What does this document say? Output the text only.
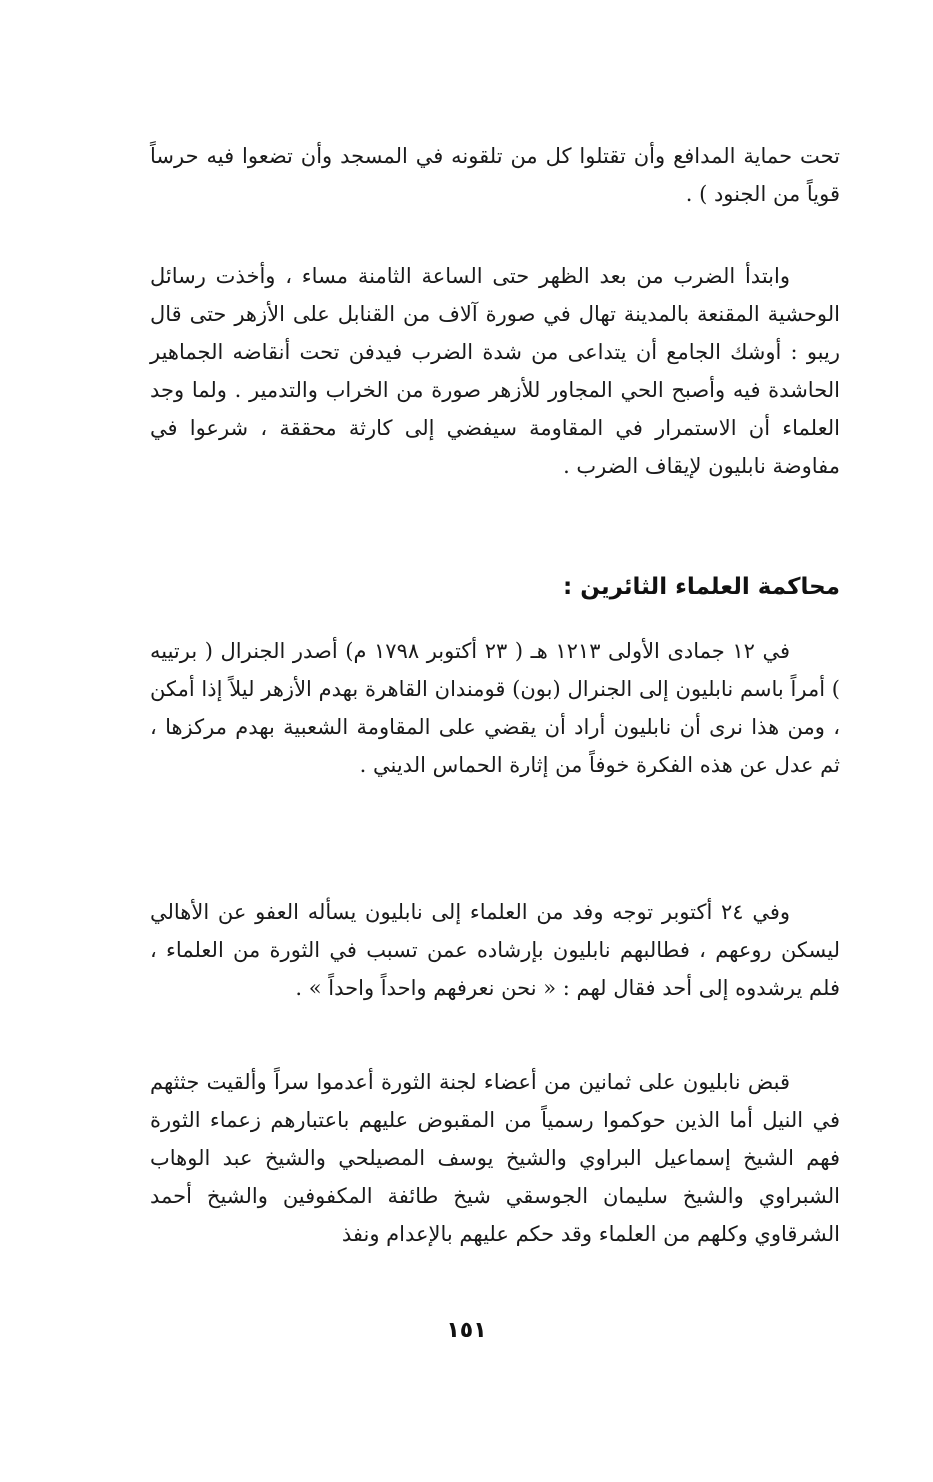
تحت حماية المدافع وأن تقتلوا كل من تلقونه في المسجد وأن تضعوا فيه حرساً قوياً من الجنود ) .

وابتدأ الضرب من بعد الظهر حتى الساعة الثامنة مساء ، وأخذت رسائل الوحشية المقنعة بالمدينة تهال في صورة آلاف من القنابل على الأزهر حتى قال ريبو : أوشك الجامع أن يتداعى من شدة الضرب فيدفن تحت أنقاضه الجماهير الحاشدة فيه وأصبح الحي المجاور للأزهر صورة من الخراب والتدمير . ولما وجد العلماء أن الاستمرار في المقاومة سيفضي إلى كارثة محققة ، شرعوا في مفاوضة نابليون لإيقاف الضرب .

محاكمة العلماء الثائرين :

في ١٢ جمادى الأولى ١٢١٣ هـ ( ٢٣ أكتوبر ١٧٩٨ م) أصدر الجنرال ( برتييه ) أمراً باسم نابليون إلى الجنرال (بون) قومندان القاهرة بهدم الأزهر ليلاً إذا أمكن ، ومن هذا نرى أن نابليون أراد أن يقضي على المقاومة الشعبية بهدم مركزها ، ثم عدل عن هذه الفكرة خوفاً من إثارة الحماس الديني .

وفي ٢٤ أكتوبر توجه وفد من العلماء إلى نابليون يسأله العفو عن الأهالي ليسكن روعهم ، فطالبهم نابليون بإرشاده عمن تسبب في الثورة من العلماء ، فلم يرشدوه إلى أحد فقال لهم : « نحن نعرفهم واحداً واحداً » .

قبض نابليون على ثمانين من أعضاء لجنة الثورة أعدموا سراً وألقيت جثثهم في النيل أما الذين حوكموا رسمياً من المقبوض عليهم باعتبارهم زعماء الثورة فهم الشيخ إسماعيل البراوي والشيخ يوسف المصيلحي والشيخ عبد الوهاب الشبراوي والشيخ سليمان الجوسقي شيخ طائفة المكفوفين والشيخ أحمد الشرقاوي وكلهم من العلماء وقد حكم عليهم بالإعدام ونفذ

١٥١
